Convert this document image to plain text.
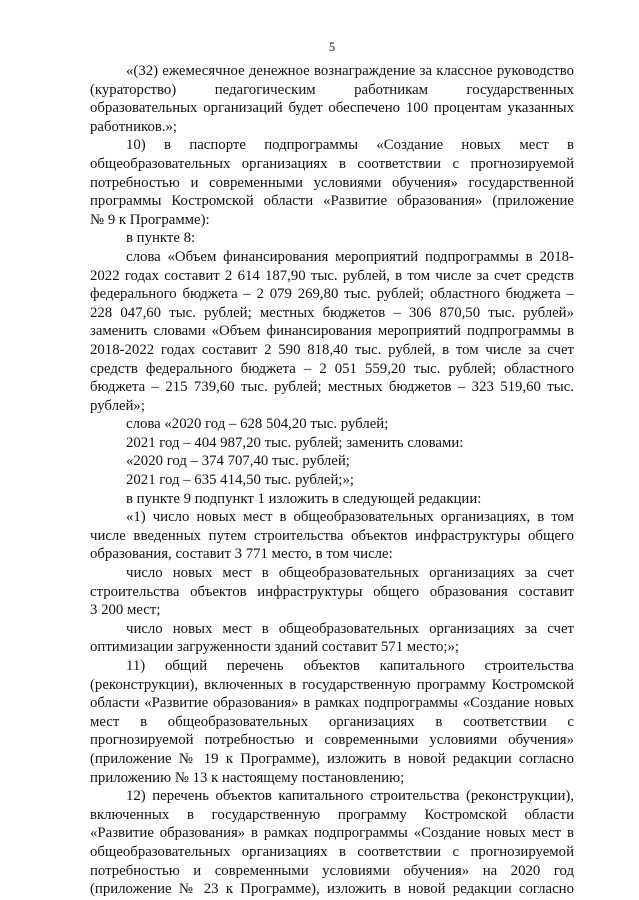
5
«(32) ежемесячное денежное вознаграждение за классное руководство
(кураторство) педагогическим работникам государственных
образовательных организаций будет обеспечено 100 процентам указанных
работников.»;
10) в паспорте подпрограммы «Создание новых мест в
общеобразовательных организациях в соответствии с прогнозируемой
потребностью и современными условиями обучения» государственной
программы Костромской области «Развитие образования» (приложение
№ 9 к Программе):
в пункте 8:
слова «Объем финансирования мероприятий подпрограммы в 2018-
2022 годах составит 2 614 187,90 тыс. рублей, в том числе за счет средств
федерального бюджета – 2 079 269,80 тыс. рублей; областного бюджета –
228 047,60 тыс. рублей; местных бюджетов – 306 870,50 тыс. рублей»
заменить словами «Объем финансирования мероприятий подпрограммы в
2018-2022 годах составит 2 590 818,40 тыс. рублей, в том числе за счет
средств федерального бюджета – 2 051 559,20 тыс. рублей; областного
бюджета – 215 739,60 тыс. рублей; местных бюджетов – 323 519,60 тыс.
рублей»;
слова «2020 год – 628 504,20 тыс. рублей;
2021 год – 404 987,20 тыс. рублей; заменить словами:
«2020 год – 374 707,40 тыс. рублей;
2021 год – 635 414,50 тыс. рублей;»;
в пункте 9 подпункт 1 изложить в следующей редакции:
«1) число новых мест в общеобразовательных организациях, в том
числе введенных путем строительства объектов инфраструктуры общего
образования, составит 3 771 место, в том числе:
число новых мест в общеобразовательных организациях за счет
строительства объектов инфраструктуры общего образования составит
3 200 мест;
число новых мест в общеобразовательных организациях за счет
оптимизации загруженности зданий составит 571 место;»;
11) общий перечень объектов капитального строительства
(реконструкции), включенных в государственную программу Костромской
области «Развитие образования» в рамках подпрограммы «Создание новых
мест в общеобразовательных организациях в соответствии с
прогнозируемой потребностью и современными условиями обучения»
(приложение № 19 к Программе), изложить в новой редакции согласно
приложению № 13 к настоящему постановлению;
12) перечень объектов капитального строительства (реконструкции),
включенных в государственную программу Костромской области
«Развитие образования» в рамках подпрограммы «Создание новых мест в
общеобразовательных организациях в соответствии с прогнозируемой
потребностью и современными условиями обучения» на 2020 год
(приложение № 23 к Программе), изложить в новой редакции согласно
